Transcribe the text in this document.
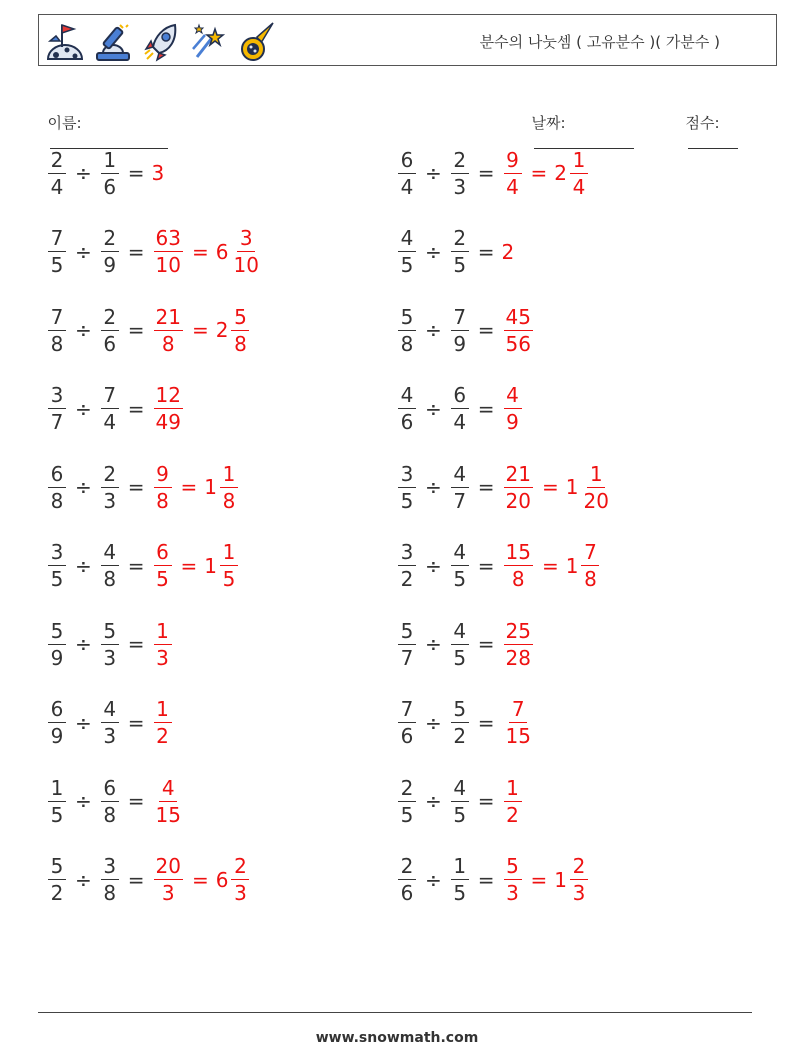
분수의 나눗셈 ( 고유분수 )( 가분수 )

이름:
	날짜:
	점수:

$\frac{2}{4} \div \frac{1}{6} = 3$	$\frac{6}{4} \div \frac{2}{3} = \frac{9}{4} = 2 \frac{1}{4}$
$\frac{7}{5} \div \frac{2}{9} = \frac{63}{10} = 6 \frac{3}{10}$	$\frac{4}{5} \div \frac{2}{5} = 2$
$\frac{7}{8} \div \frac{2}{6} = \frac{21}{8} = 2 \frac{5}{8}$	$\frac{5}{8} \div \frac{7}{9} = \frac{45}{56}$
$\frac{3}{7} \div \frac{7}{4} = \frac{12}{49}$	$\frac{4}{6} \div \frac{6}{4} = \frac{4}{9}$
$\frac{6}{8} \div \frac{2}{3} = \frac{9}{8} = 1 \frac{1}{8}$	$\frac{3}{5} \div \frac{4}{7} = \frac{21}{20} = 1 \frac{1}{20}$
$\frac{3}{5} \div \frac{4}{8} = \frac{6}{5} = 1 \frac{1}{5}$	$\frac{3}{2} \div \frac{4}{5} = \frac{15}{8} = 1 \frac{7}{8}$
$\frac{5}{9} \div \frac{5}{3} = \frac{1}{3}$	$\frac{5}{7} \div \frac{4}{5} = \frac{25}{28}$
$\frac{6}{9} \div \frac{4}{3} = \frac{1}{2}$	$\frac{7}{6} \div \frac{5}{2} = \frac{7}{15}$
$\frac{1}{5} \div \frac{6}{8} = \frac{4}{15}$	$\frac{2}{5} \div \frac{4}{5} = \frac{1}{2}$
$\frac{5}{2} \div \frac{3}{8} = \frac{20}{3} = 6 \frac{2}{3}$	$\frac{2}{6} \div \frac{1}{5} = \frac{5}{3} = 1 \frac{2}{3}$
www.snowmath.com
